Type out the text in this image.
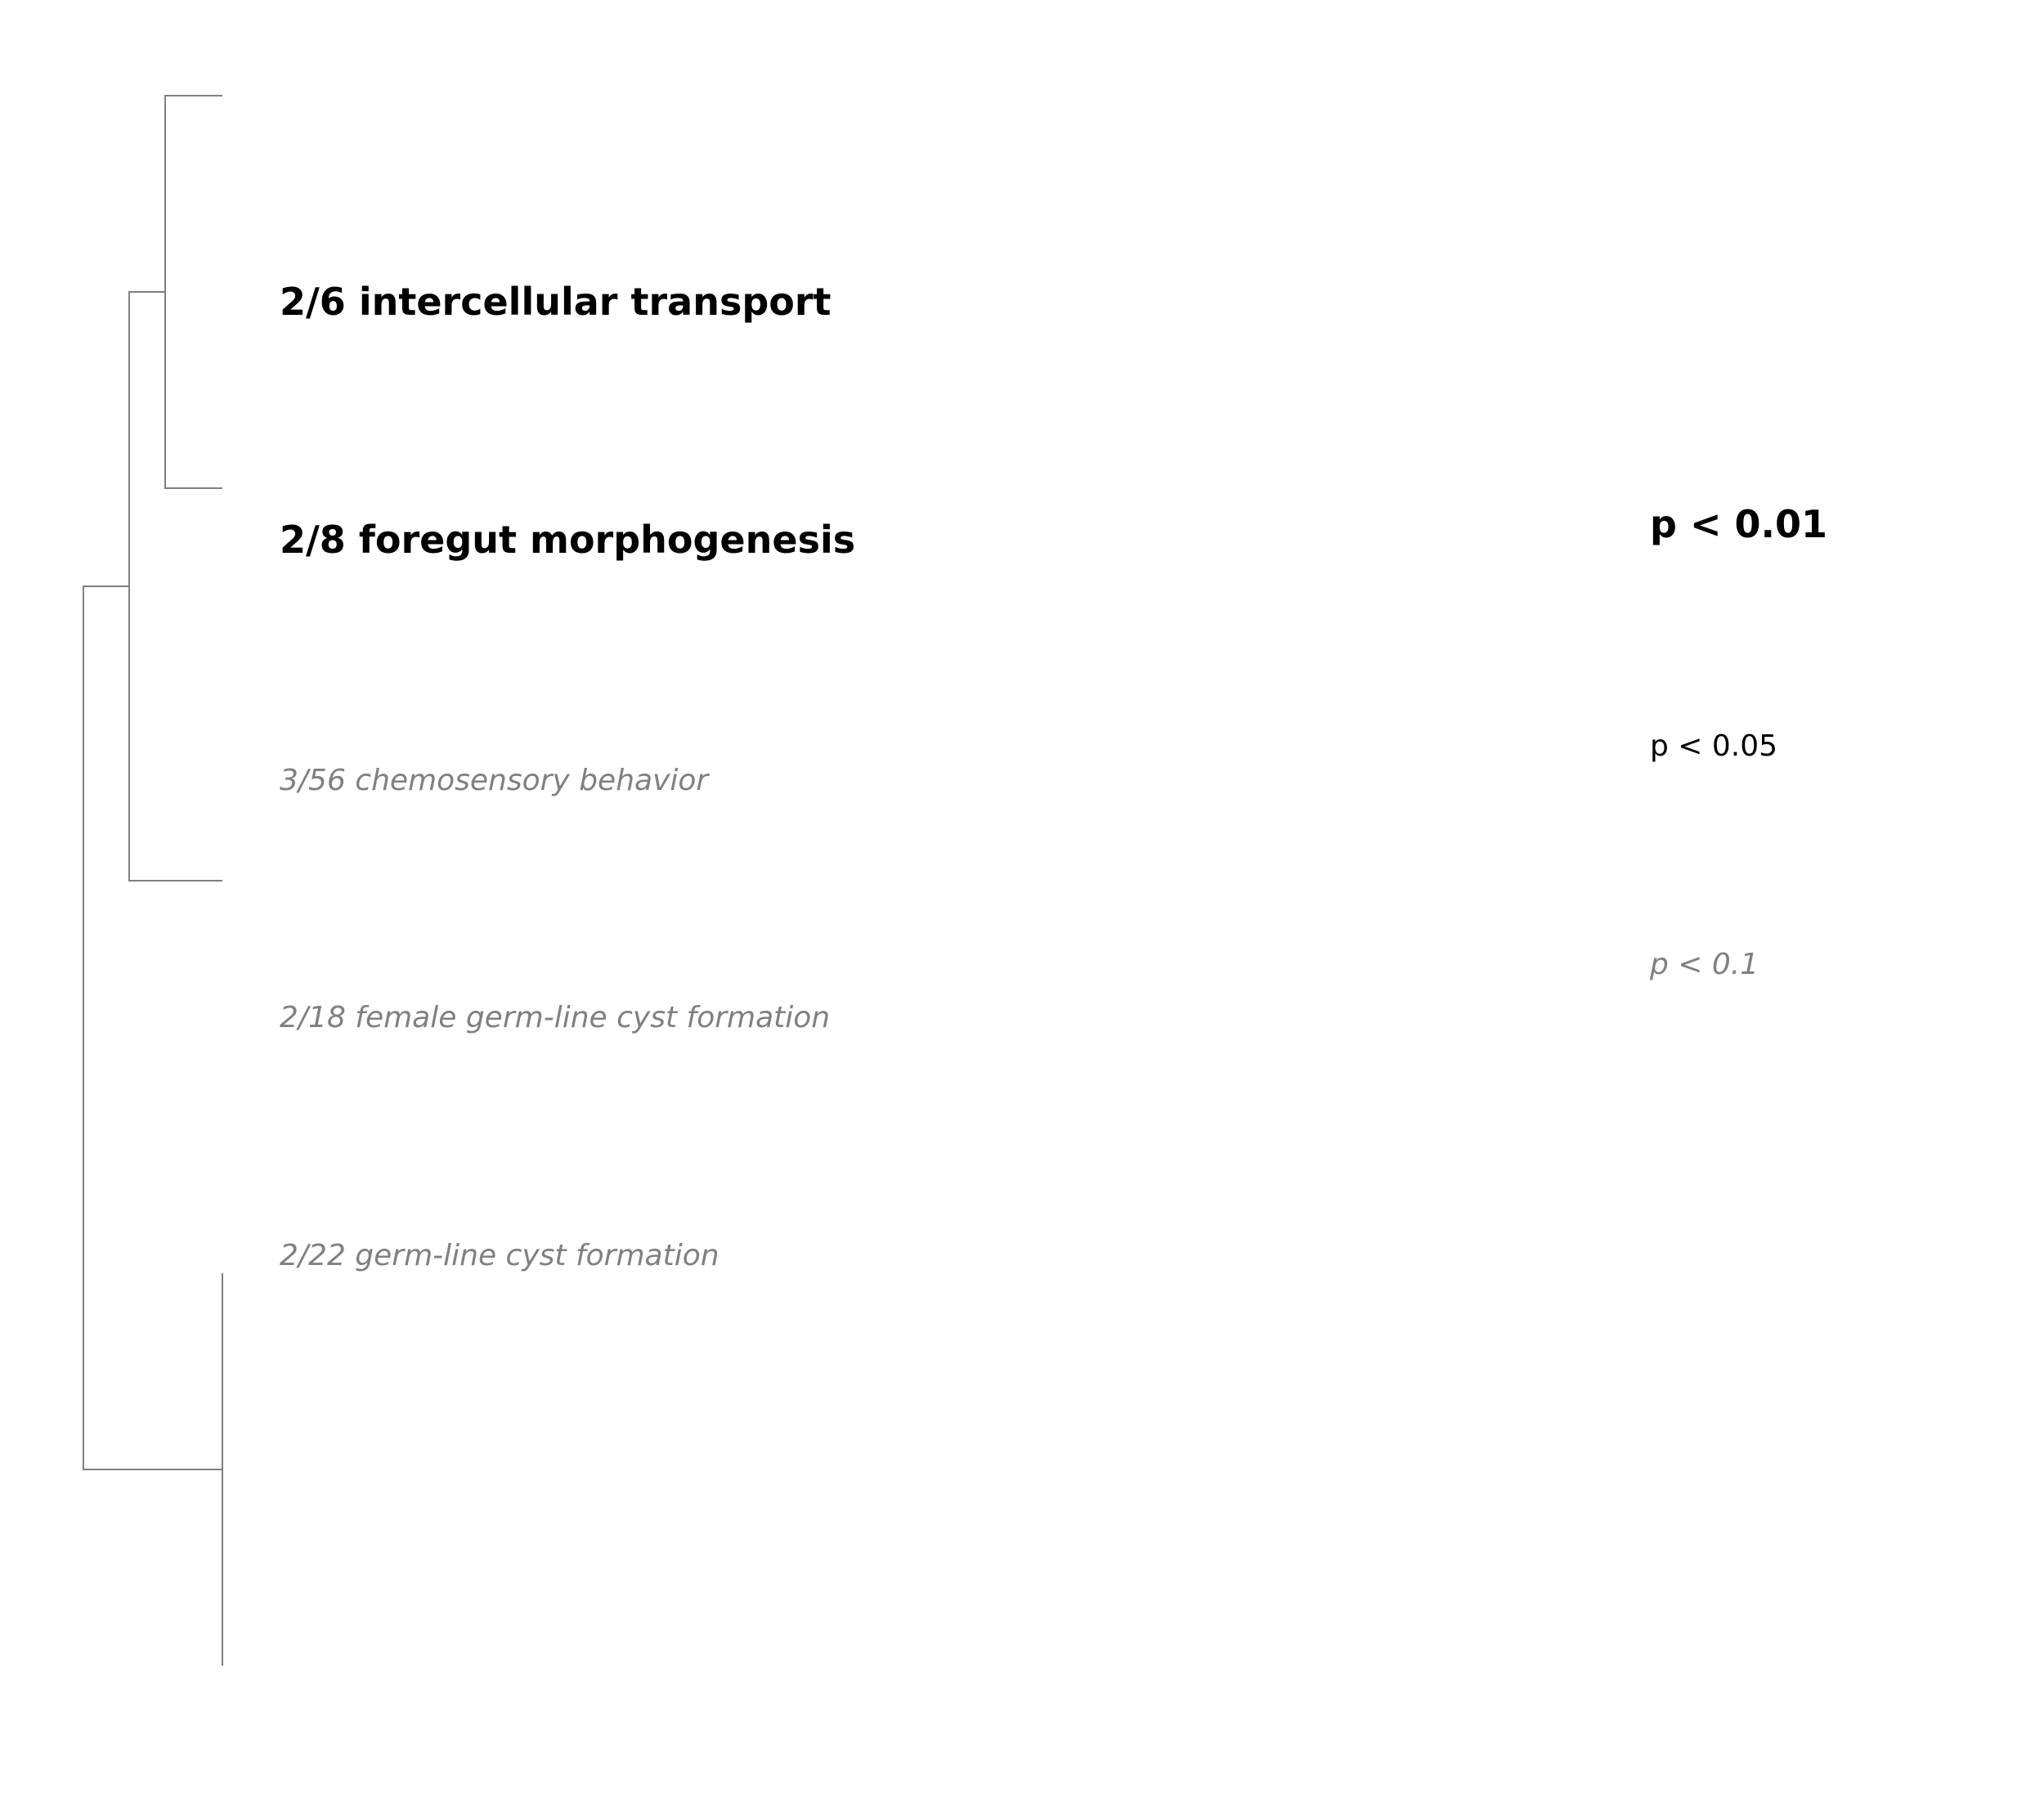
2/6 intercellular transport
2/8 foregut morphogenesis
3/56 chemosensory behavior
2/18 female germ-line cyst formation
2/22 germ-line cyst formation
p < 0.01
p < 0.05
p < 0.1
